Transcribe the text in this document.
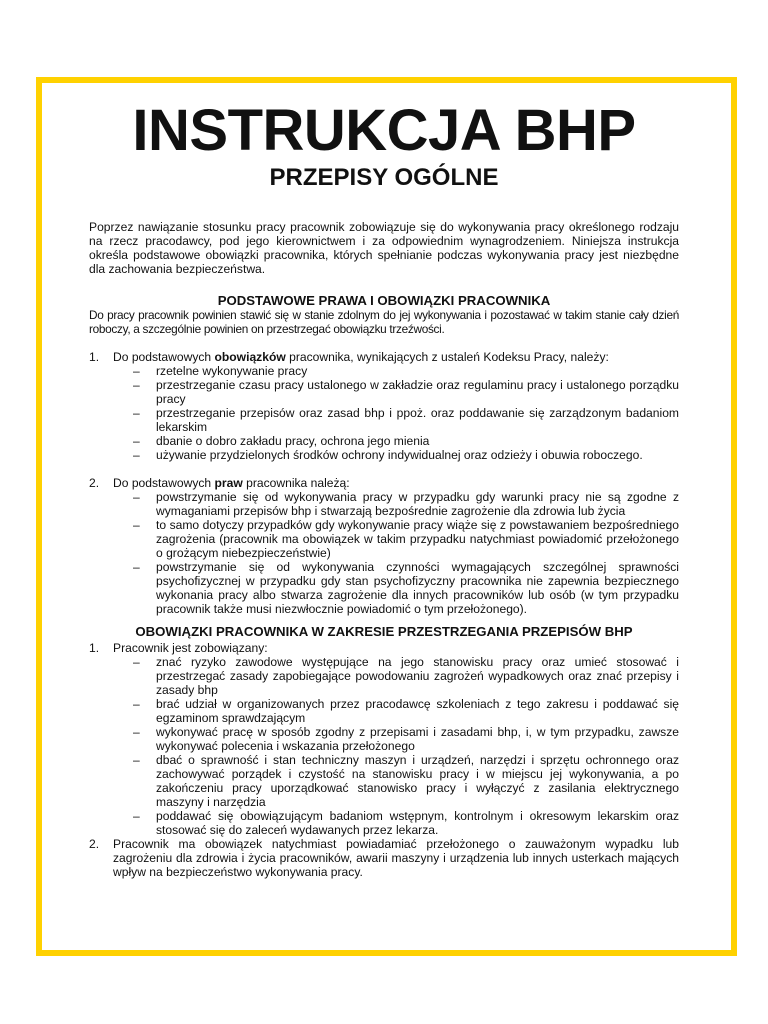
INSTRUKCJA BHP
PRZEPISY OGÓLNE

Poprzez nawiązanie stosunku pracy pracownik zobowiązuje się do wykonywania pracy określonego rodzaju na rzecz pracodawcy, pod jego kierownictwem i za odpowiednim wynagrodzeniem. Niniejsza instrukcja określa podstawowe obowiązki pracownika, których spełnianie podczas wykonywania pracy jest niezbędne dla zachowania bezpieczeństwa.

PODSTAWOWE PRAWA I OBOWIĄZKI PRACOWNIKA

Do pracy pracownik powinien stawić się w stanie zdolnym do jej wykonywania i pozostawać w takim stanie cały dzień roboczy, a szczególnie powinien on przestrzegać obowiązku trzeźwości.

1. Do podstawowych obowiązków pracownika, wynikających z ustaleń Kodeksu Pracy, należy:
– rzetelne wykonywanie pracy
– przestrzeganie czasu pracy ustalonego w zakładzie oraz regulaminu pracy i ustalonego porządku pracy
– przestrzeganie przepisów oraz zasad bhp i ppoż. oraz poddawanie się zarządzonym badaniom lekarskim
– dbanie o dobro zakładu pracy, ochrona jego mienia
– używanie przydzielonych środków ochrony indywidualnej oraz odzieży i obuwia roboczego.
2. Do podstawowych praw pracownika należą:
– powstrzymanie się od wykonywania pracy w przypadku gdy warunki pracy nie są zgodne z wymaganiami przepisów bhp i stwarzają bezpośrednie zagrożenie dla zdrowia lub życia
– to samo dotyczy przypadków gdy wykonywanie pracy wiąże się z powstawaniem bezpośredniego zagrożenia (pracownik ma obowiązek w takim przypadku natychmiast powiadomić przełożonego o grożącym niebezpieczeństwie)
– powstrzymanie się od wykonywania czynności wymagających szczególnej sprawności psychofizycznej w przypadku gdy stan psychofizyczny pracownika nie zapewnia bezpiecznego wykonania pracy albo stwarza zagrożenie dla innych pracowników lub osób (w tym przypadku pracownik także musi niezwłocznie powiadomić o tym przełożonego).
OBOWIĄZKI PRACOWNIKA W ZAKRESIE PRZESTRZEGANIA PRZEPISÓW BHP
1. Pracownik jest zobowiązany:
– znać ryzyko zawodowe występujące na jego stanowisku pracy oraz umieć stosować i przestrzegać zasady zapobiegające powodowaniu zagrożeń wypadkowych oraz znać przepisy i zasady bhp
– brać udział w organizowanych przez pracodawcę szkoleniach z tego zakresu i poddawać się egzaminom sprawdzającym
– wykonywać pracę w sposób zgodny z przepisami i zasadami bhp, i, w tym przypadku, zawsze wykonywać polecenia i wskazania przełożonego
– dbać o sprawność i stan techniczny maszyn i urządzeń, narzędzi i sprzętu ochronnego oraz zachowywać porządek i czystość na stanowisku pracy i w miejscu jej wykonywania, a po zakończeniu pracy uporządkować stanowisko pracy i wyłączyć z zasilania elektrycznego maszyny i narzędzia
– poddawać się obowiązującym badaniom wstępnym, kontrolnym i okresowym lekarskim oraz stosować się do zaleceń wydawanych przez lekarza.
2. Pracownik ma obowiązek natychmiast powiadamiać przełożonego o zauważonym wypadku lub zagrożeniu dla zdrowia i życia pracowników, awarii maszyny i urządzenia lub innych usterkach mających wpływ na bezpieczeństwo wykonywania pracy.
